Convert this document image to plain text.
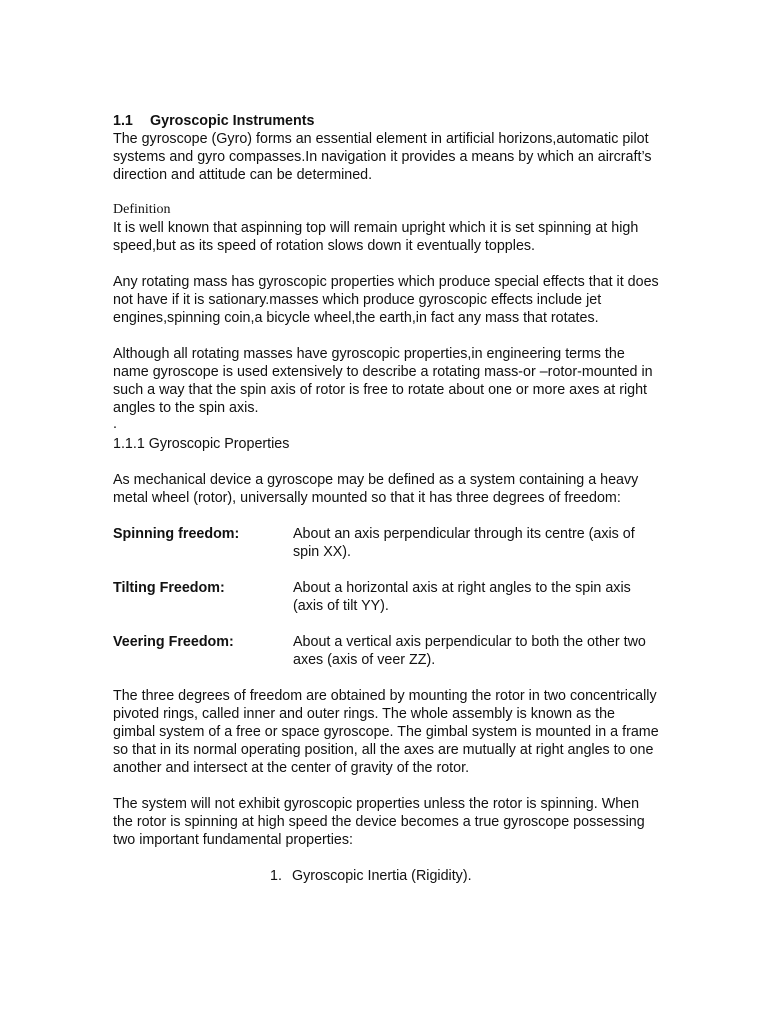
1.1 Gyroscopic Instruments

The gyroscope (Gyro) forms an essential element in artificial horizons,automatic pilot systems and gyro compasses.In navigation it provides a means by which an aircraft’s direction and attitude can be determined.

Definition

It is well known that aspinning top will remain upright which it is set spinning at high speed,but as its speed of rotation slows down it eventually topples.

Any rotating mass has gyroscopic properties which produce special effects that it does not have if it is sationary.masses which produce gyroscopic effects include jet engines,spinning coin,a bicycle wheel,the earth,in fact any mass that rotates.

Although all rotating masses have gyroscopic properties,in engineering terms the name gyroscope is used extensively to describe a rotating mass-or –rotor-mounted in such a way that the spin axis of rotor is free to rotate about one or more axes at right angles to the spin axis.

.

1.1.1 Gyroscopic Properties

As mechanical device a gyroscope may be defined as a system containing a heavy metal wheel (rotor), universally mounted so that it has three degrees of freedom:

Spinning freedom:	About an axis perpendicular through its centre (axis of spin XX).
Tilting Freedom:	About a horizontal axis at right angles to the spin axis (axis of tilt YY).
Veering Freedom:	About a vertical axis perpendicular to both the other two axes (axis of veer ZZ).

The three degrees of freedom are obtained by mounting the rotor in two concentrically pivoted rings, called inner and outer rings. The whole assembly is known as the gimbal system of a free or space gyroscope. The gimbal system is mounted in a frame so that in its normal operating position, all the axes are mutually at right angles to one another and intersect at the center of gravity of the rotor.

The system will not exhibit gyroscopic properties unless the rotor is spinning. When the rotor is spinning at high speed the device becomes a true gyroscope possessing two important fundamental properties:

1. Gyroscopic Inertia (Rigidity).
